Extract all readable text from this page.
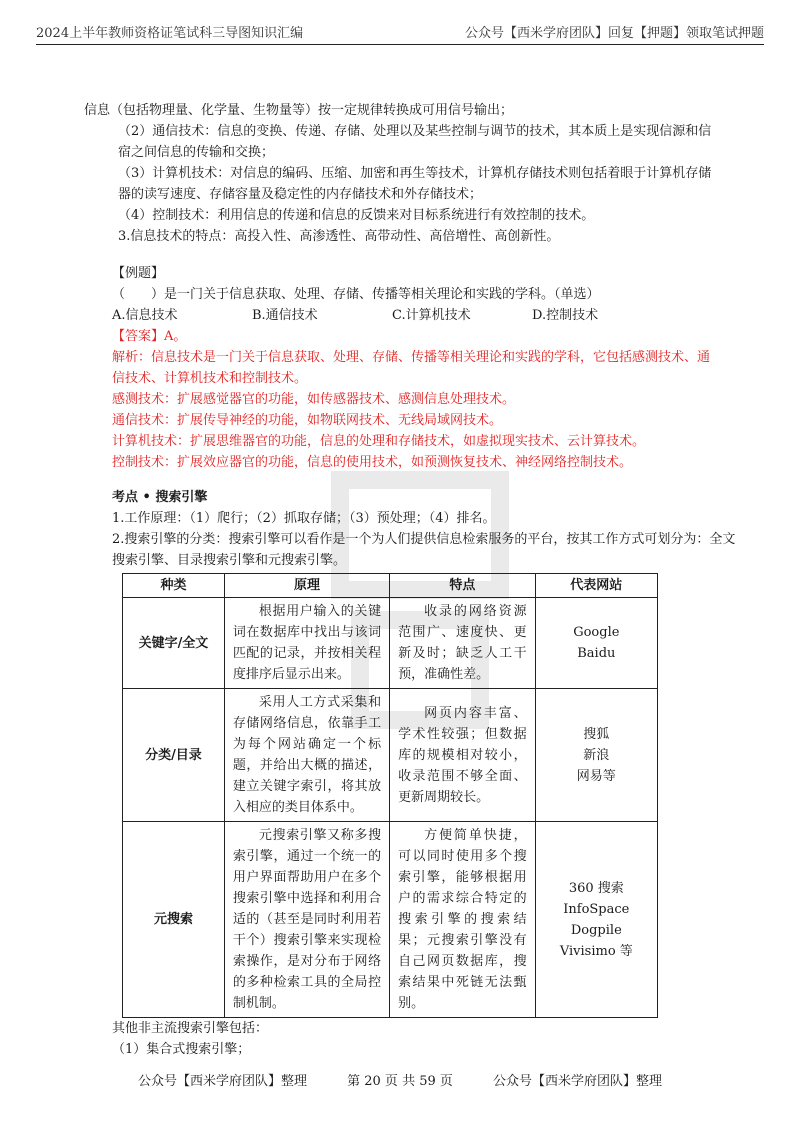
2024上半年教师资格证笔试科三导图知识汇编	公众号【西米学府团队】回复【押题】领取笔试押题

信息（包括物理量、化学量、生物量等）按一定规律转换成可用信号输出；

（2）通信技术：信息的变换、传递、存储、处理以及某些控制与调节的技术，其本质上是实现信源和信宿之间信息的传输和交换；

（3）计算机技术：对信息的编码、压缩、加密和再生等技术，计算机存储技术则包括着眼于计算机存储器的读写速度、存储容量及稳定性的内存储技术和外存储技术；

（4）控制技术：利用信息的传递和信息的反馈来对目标系统进行有效控制的技术。

3.信息技术的特点：高投入性、高渗透性、高带动性、高倍增性、高创新性。

【例题】

（　　）是一门关于信息获取、处理、存储、传播等相关理论和实践的学科。（单选）

A.信息技术	B.通信技术	C.计算机技术	D.控制技术

【答案】A。

解析：信息技术是一门关于信息获取、处理、存储、传播等相关理论和实践的学科，它包括感测技术、通信技术、计算机技术和控制技术。

感测技术：扩展感觉器官的功能，如传感器技术、感测信息处理技术。

通信技术：扩展传导神经的功能，如物联网技术、无线局域网技术。

计算机技术：扩展思维器官的功能，信息的处理和存储技术，如虚拟现实技术、云计算技术。

控制技术：扩展效应器官的功能，信息的使用技术，如预测恢复技术、神经网络控制技术。

考点 • 搜索引擎

1.工作原理：（1）爬行；（2）抓取存储；（3）预处理；（4）排名。

2.搜索引擎的分类：搜索引擎可以看作是一个为人们提供信息检索服务的平台，按其工作方式可划分为：全文搜索引擎、目录搜索引擎和元搜索引擎。

种类	原理	特点	代表网站
关键字/全文	根据用户输入的关键词在数据库中找出与该词匹配的记录，并按相关程度排序后显示出来。	收录的网络资源范围广、速度快、更新及时；缺乏人工干预，准确性差。	Google
Baidu

分类/目录	采用人工方式采集和存储网络信息，依靠手工为每个网站确定一个标题，并给出大概的描述，建立关键字索引，将其放入相应的类目体系中。	网页内容丰富、学术性较强；但数据库的规模相对较小，收录范围不够全面、更新周期较长。	搜狐
新浪
网易等

元搜索	元搜索引擎又称多搜索引擎，通过一个统一的用户界面帮助用户在多个搜索引擎中选择和利用合适的（甚至是同时利用若干个）搜索引擎来实现检索操作，是对分布于网络的多种检索工具的全局控制机制。	方便简单快捷，可以同时使用多个搜索引擎，能够根据用户的需求综合特定的搜索引擎的搜索结果；元搜索引擎没有自己网页数据库，搜索结果中死链无法甄别。	360 搜索
InfoSpace
Dogpile
Vivisimo 等

其他非主流搜索引擎包括：

（1）集合式搜索引擎；

公众号【西米学府团队】整理	第 20 页 共 59 页	公众号【西米学府团队】整理
